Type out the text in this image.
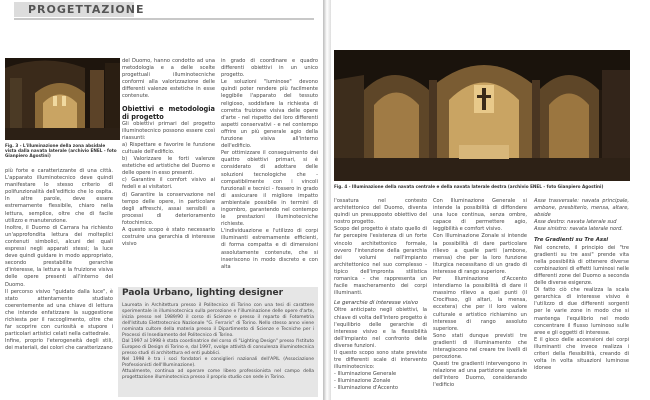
PROGETTAZIONE
Fig. 3 - L'illuminazione della zona absidale vista dalla navata laterale (archivio ENEL - foto Gianpiero Agostini)

più forte e caratterizzante di una città. L'apparato illuminotecnico deve quindi manifestare lo stesso criterio di polifunzionalità dell'edificio che lo ospita. In altre parole, deve essere estremamente flessibile, chiaro nella lettura, semplice, oltre che di facile utilizzo e manutenzione.

Inoltre, il Duomo di Carrara ha richiesto un'approfondita lettura dei molteplici contenuti simbolici, alcuni dei quali espressi negli apparati stessi; la luce deve quindi guidare in modo appropriato, secondo prestabilite gerarchie d'interesse, la lettura e la fruizione visiva delle opere presenti all'interno del Duomo.

Il percorso visivo "guidato dalla luce", è stato attentamente studiato coerentemente ad una chiave di lettura che intende enfatizzare la suggestione richiesta per il raccoglimento, oltre che far scoprire con curiosità e stupore i particolari artistici celati nella cattedrale.

Infine, proprio l'eterogeneità degli stili, dei materiali, dei colori che caratterizzano

del Duomo, hanno condotto ad una metodologia e a delle scelte progettuali illuminotecniche conformi alla valorizzazione delle differenti valenze estetiche in esse contenute.

Obiettivi e metodologia di progetto

Gli obiettivi primari del progetto illuminotecnico possono essere così riassunti:

a) Rispettare e favorire le funzione cultuale dell'edificio.

b) Valorizzare le forti valenze estetiche ed artistiche del Duomo e delle opere in esso presenti.

c) Garantire il comfort visivo ai fedeli e ai visitatori.

d) Garantire la conservazione nel tempo delle opere, in particolare degli affreschi, assai sensibili a processi di deterioramento fotochimico.

A questo scopo è stato necessario costruire una gerarchia di interesse visivo

in grado di coordinare e quadro differenti obiettivi in un unico progetto.

Le soluzioni "luminose" devono quindi poter rendere più facilmente leggibile l'apparato del tessuto religioso, soddisfare la richiesta di corretta fruizione visiva delle opere d'arte - nel rispetto dei loro differenti aspetti conservativi - e nel contempo offrire un più generale agio della funzione visiva all'interno dell'edificio.

Per ottimizzare il conseguimento dei quattro obiettivi primari, si è considerato di adottare delle soluzioni tecnologiche che - compatibilmente con i vincoli funzionali e tecnici - fossero in grado di assicurare il migliore impatto ambientale possibile in termini di ingombro, garantendo nel contempo le prestazioni illuminotecniche richieste.

L'individuazione e l'utilizzo di corpi illuminanti estremamente efficienti, di forma compatta e di dimensioni assolutamente contenute, che si inseriscono in modo discreto e con alta

Paola Urbano, lighting designer

Laureata in Architettura presso il Politecnico di Torino con una tesi di carattere sperimentale in illuminotecnica sulla percezione e l'illuminazione delle opere d'arte, inizia presso nel 1989/90 il corso di Scienze e presso il reparto di Fotometria dell'Istituto Elettrotecnico Nazionale "G. Ferraris" di Torino. Nello stesso anno viene nominata cultore della materia presso il Dipartimento di Scienze e Tecniche per i Processi di Insediamento del Politecnico di Torino.

Dal 1997 al 1998 è stata coordinatrice del corso di "Lighting Design" presso l'Istituto Europeo di Design di Torino e, dal 1997, svolge attività di consulenza illuminotecnica presso studi di architettura ed enti pubblici.

Nel 1998 è tra i soci fondatori e consiglieri nazionali dell'APIL (Associazione Professionisti dell'Illuminazione).

Attualmente, continua ad operare come libero professionista nel campo della progettazione illuminotecnica presso il proprio studio con sede in Torino.

Fig. 4 - Illuminazione della navata centrale e della navata laterale destra (archivio ENEL - foto Gianpiero Agostini)

l'ossatura nel contesto architettonico del Duomo, diventa quindi un presupposto obiettivo del nostro progetto.

Scopo del progetto è stato quello di far percepire l'esistenza di un forte vincolo architettonico formale, ovvero l'intenzione della gerarchia dei volumi nell'impianto architettonico nel suo complesso - tipico dell'impronta stilistica romanica - che rappresenta un facile mascheramento dei corpi illuminanti.

Le gerarchie di interesse visivo

Oltre anticipato negli obiettivi, la chiave di volta dell'intero progetto è l'equilibrio delle gerarchie di interesse visivo e la flessibilità dell'impianto nel confronto delle diverse funzioni.

Il questo scopo sono state previste tre differenti scale di intervento illuminotecnico:

- Illuminazione Generale

- Illuminazione Zonale

- Illuminazione d'Accento

Con Illuminazione Generale si intende la possibilità di diffondere una luce continua, senza ombre, capace di permettere agio, leggibilità e comfort visivo.

Con Illuminazione Zonale si intende la possibilità di dare particolare rilievo a quelle parti (ambone, mensa) che per la loro funzione liturgica necessitano di un grado di interesse di rango superiore.

Per Illuminazione d'Accento intendiamo la possibilità di dare il massimo rilievo a quei punti (il Crocifisso, gli altari, la mensa, eccetera) che per il loro valore culturale e artistico richiamino un interesse di rango assoluto superiore.

Sono stati dunque previsti tre gradienti di illuminamento che interagiscono nel creare tre livelli di percezione.

Questi tre gradienti intervengono in relazione ad una partizione spaziale dell'intero Duomo, considerando l'edificio

Asse trasversale: navata principale, ambone, presbiterio, mensa, altare, abside

Asse destro: navata laterale sud

Asse sinistro: navata laterale nord.

Tre Gradienti su Tre Assi

Nel concreto, il principio dei "tre gradienti su tre assi" prende vita nella possibilità di ottenere diverse combinazioni di effetti luminosi nelle differenti zone del Duomo a seconda delle diverse esigenze.

Di fatto ciò che realizza la scala gerarchica di interesse visivo è l'utilizzo di due differenti sorgenti per le varie zone in modo che si mantenga l'equilibrio nel modo concentrare il flusso luminoso sulle aree e gli oggetti di interesse.

E il gioco delle accensioni dei corpi illuminanti che invece realizza i criteri della flessibilità, creando di volta in volta situazioni luminose idonee
